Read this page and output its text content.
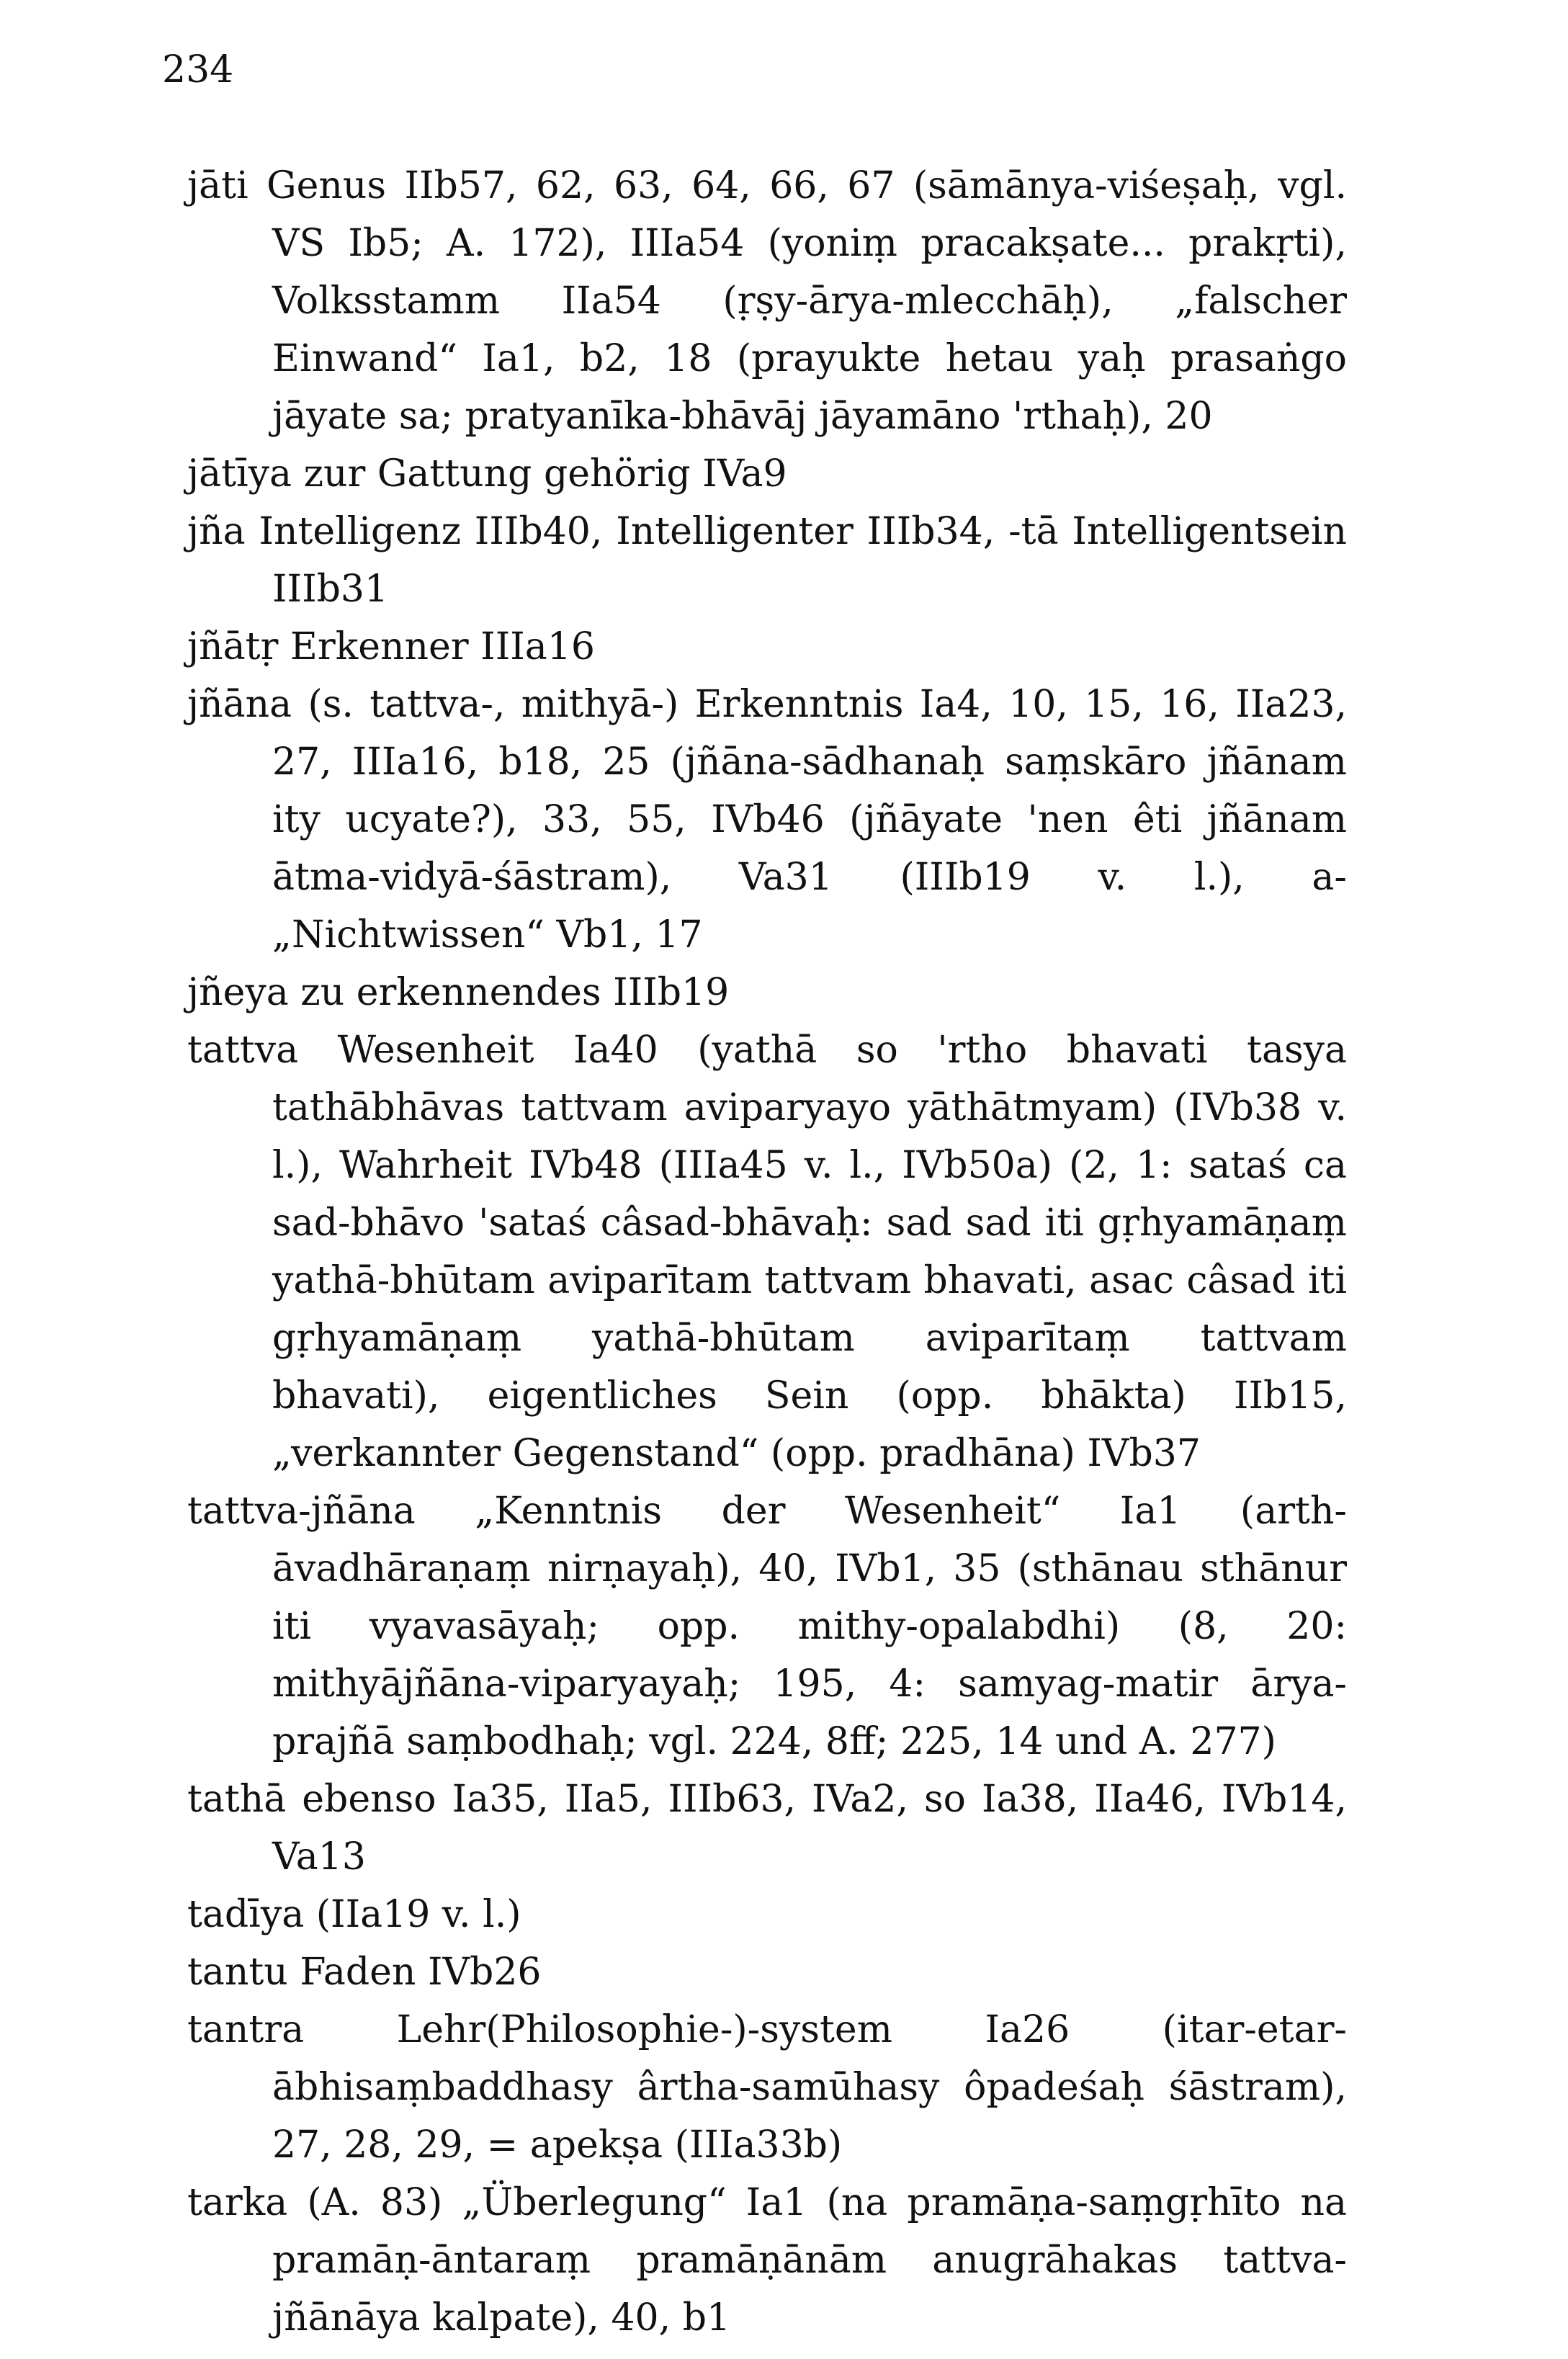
234

jāti Genus IIb57, 62, 63, 64, 66, 67 (sāmānya-viśeṣaḥ, vgl. VS Ib5; A. 172), IIIa54 (yoniṃ pracakṣate... prakṛti), Volksstamm IIa54 (ṛṣy-ārya-mlecchāḥ), „falscher Einwand“ Ia1, b2, 18 (prayukte hetau yaḥ prasaṅgo jāyate sa; pratyanīka-bhāvāj jāyamāno 'rthaḥ), 20

jātīya zur Gattung gehörig IVa9

jña Intelligenz IIIb40, Intelligenter IIIb34, -tā Intelligentsein IIIb31

jñātṛ Erkenner IIIa16

jñāna (s. tattva-, mithyā-) Erkenntnis Ia4, 10, 15, 16, IIa23, 27, IIIa16, b18, 25 (jñāna-sādhanaḥ saṃskāro jñānam ity ucyate?), 33, 55, IVb46 (jñāyate 'nen êti jñānam ātma-vidyā-śāstram), Va31 (IIIb19 v. l.), a- „Nichtwissen“ Vb1, 17

jñeya zu erkennendes IIIb19

tattva Wesenheit Ia40 (yathā so 'rtho bhavati tasya tathābhāvas tattvam aviparyayo yāthātmyam) (IVb38 v. l.), Wahrheit IVb48 (IIIa45 v. l., IVb50a) (2, 1: sataś ca sad-bhāvo 'sataś câsad-bhāvaḥ: sad sad iti gṛhyamāṇaṃ yathā-bhūtam aviparītam tattvam bhavati, asac câsad iti gṛhyamāṇaṃ yathā-bhūtam aviparītaṃ tattvam bhavati), eigentliches Sein (opp. bhākta) IIb15, „verkannter Gegenstand“ (opp. pradhāna) IVb37

tattva-jñāna „Kenntnis der Wesenheit“ Ia1 (arth-āvadhāraṇaṃ nirṇayaḥ), 40, IVb1, 35 (sthānau sthānur iti vyavasāyaḥ; opp. mithy-opalabdhi) (8, 20: mithyājñāna-viparyayaḥ; 195, 4: samyag-matir ārya-prajñā saṃbodhaḥ; vgl. 224, 8ff; 225, 14 und A. 277)

tathā ebenso Ia35, IIa5, IIIb63, IVa2, so Ia38, IIa46, IVb14, Va13

tadīya (IIa19 v. l.)

tantu Faden IVb26

tantra Lehr(Philosophie-)-system Ia26 (itar-etar-ābhisaṃbaddhasy ârtha-samūhasy ôpadeśaḥ śāstram), 27, 28, 29, = apekṣa (IIIa33b)

tarka (A. 83) „Überlegung“ Ia1 (na pramāṇa-saṃgṛhīto na pramāṇ-āntaraṃ pramāṇānām anugrāhakas tattva-jñānāya kalpate), 40, b1
